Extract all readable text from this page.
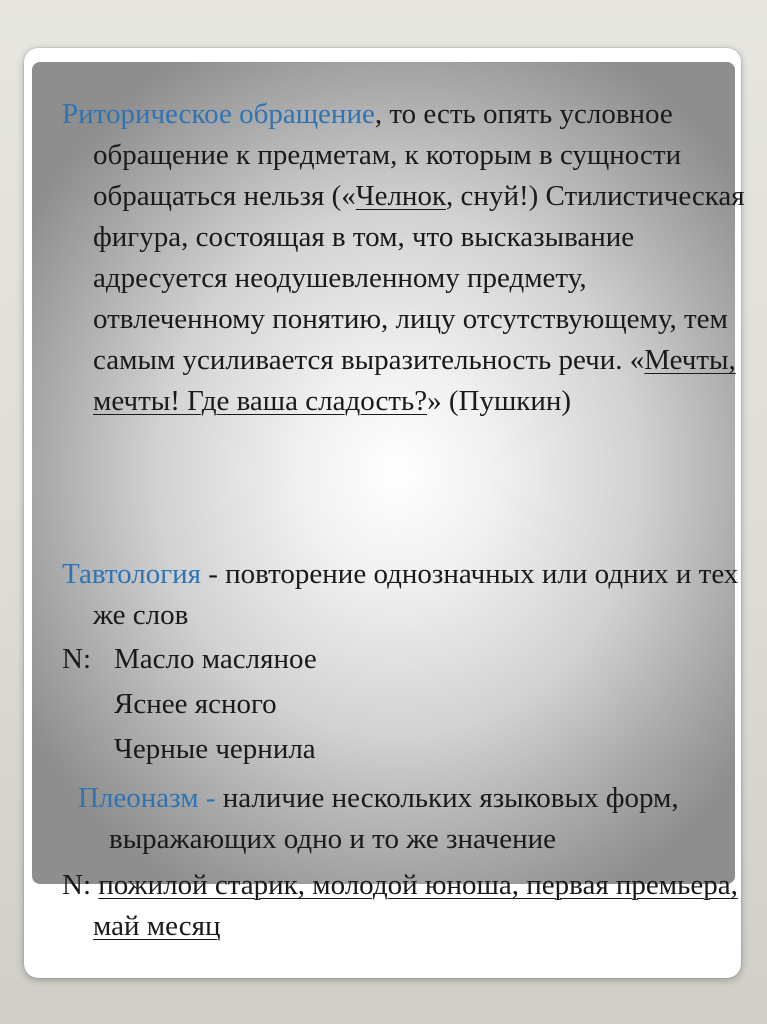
Риторическое обращение, то есть опять условное обращение к предметам, к которым в сущности обращаться нельзя («Челнок, снуй!) Стилистическая фигура, состоящая в том, что высказывание адресуется неодушевленному предмету, отвлеченному понятию, лицу отсутствующему, тем самым усиливается выразительность речи. «Мечты, мечты! Где ваша сладость?» (Пушкин)

Тавтология - повторение однозначных или одних и тех же слов

N: Масло масляное

Яснее ясного

Черные чернила

Плеоназм - наличие нескольких языковых форм, выражающих одно и то же значение

N: пожилой старик, молодой юноша, первая премьера, май месяц
